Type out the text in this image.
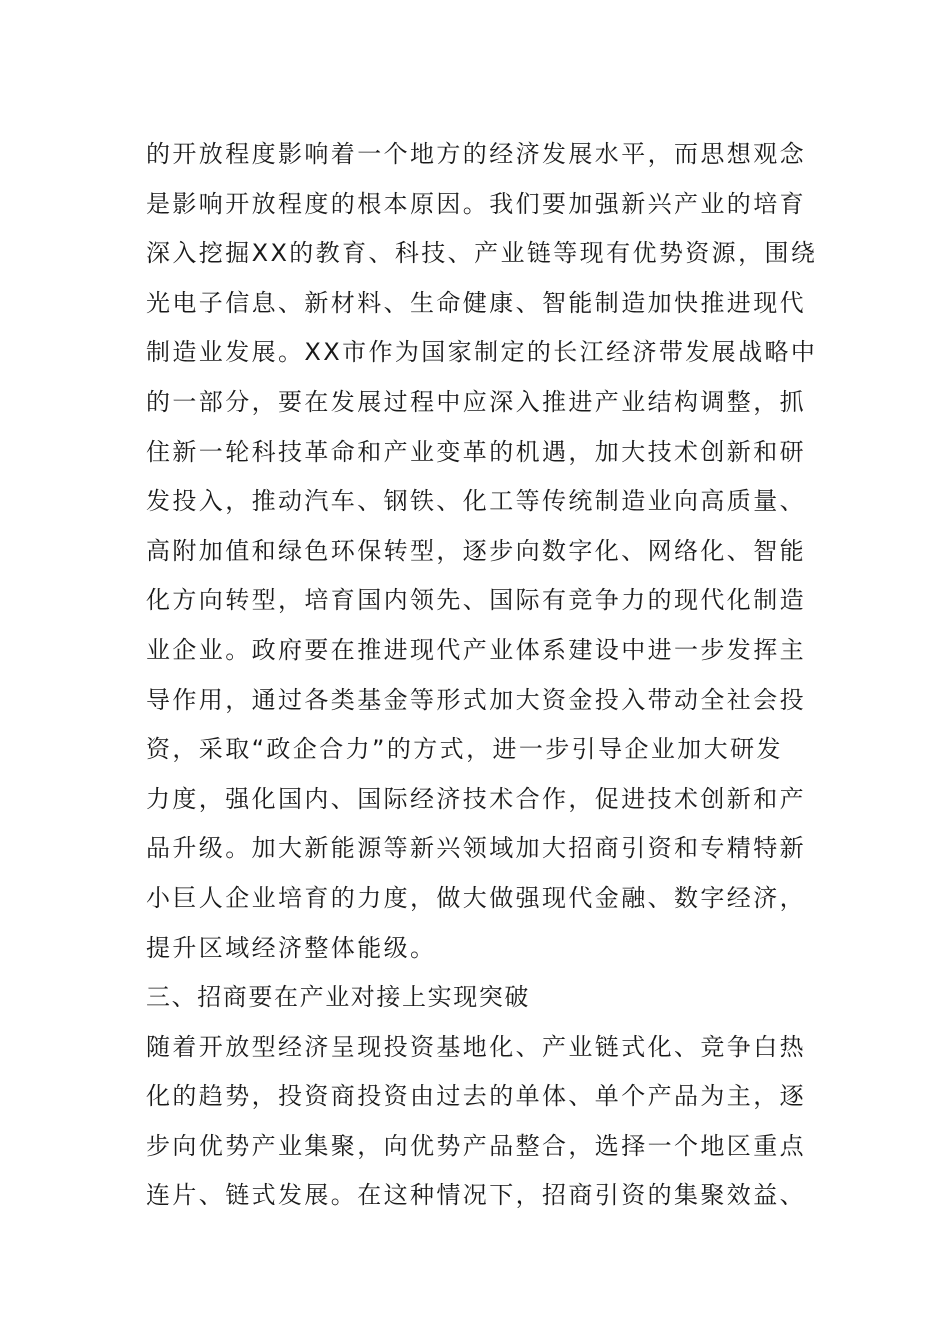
的开放程度影响着一个地方的经济发展水平，而思想观念
是影响开放程度的根本原因。我们要加强新兴产业的培育
深入挖掘XX的教育、科技、产业链等现有优势资源，围绕
光电子信息、新材料、生命健康、智能制造加快推进现代
制造业发展。XX市作为国家制定的长江经济带发展战略中
的一部分，要在发展过程中应深入推进产业结构调整，抓
住新一轮科技革命和产业变革的机遇，加大技术创新和研
发投入，推动汽车、钢铁、化工等传统制造业向高质量、
高附加值和绿色环保转型，逐步向数字化、网络化、智能
化方向转型，培育国内领先、国际有竞争力的现代化制造
业企业。政府要在推进现代产业体系建设中进一步发挥主
导作用，通过各类基金等形式加大资金投入带动全社会投
资，采取“政企合力”的方式，进一步引导企业加大研发
力度，强化国内、国际经济技术合作，促进技术创新和产
品升级。加大新能源等新兴领域加大招商引资和专精特新
小巨人企业培育的力度，做大做强现代金融、数字经济，
提升区域经济整体能级。
三、招商要在产业对接上实现突破
随着开放型经济呈现投资基地化、产业链式化、竞争白热
化的趋势，投资商投资由过去的单体、单个产品为主，逐
步向优势产业集聚，向优势产品整合，选择一个地区重点
连片、链式发展。在这种情况下，招商引资的集聚效益、
